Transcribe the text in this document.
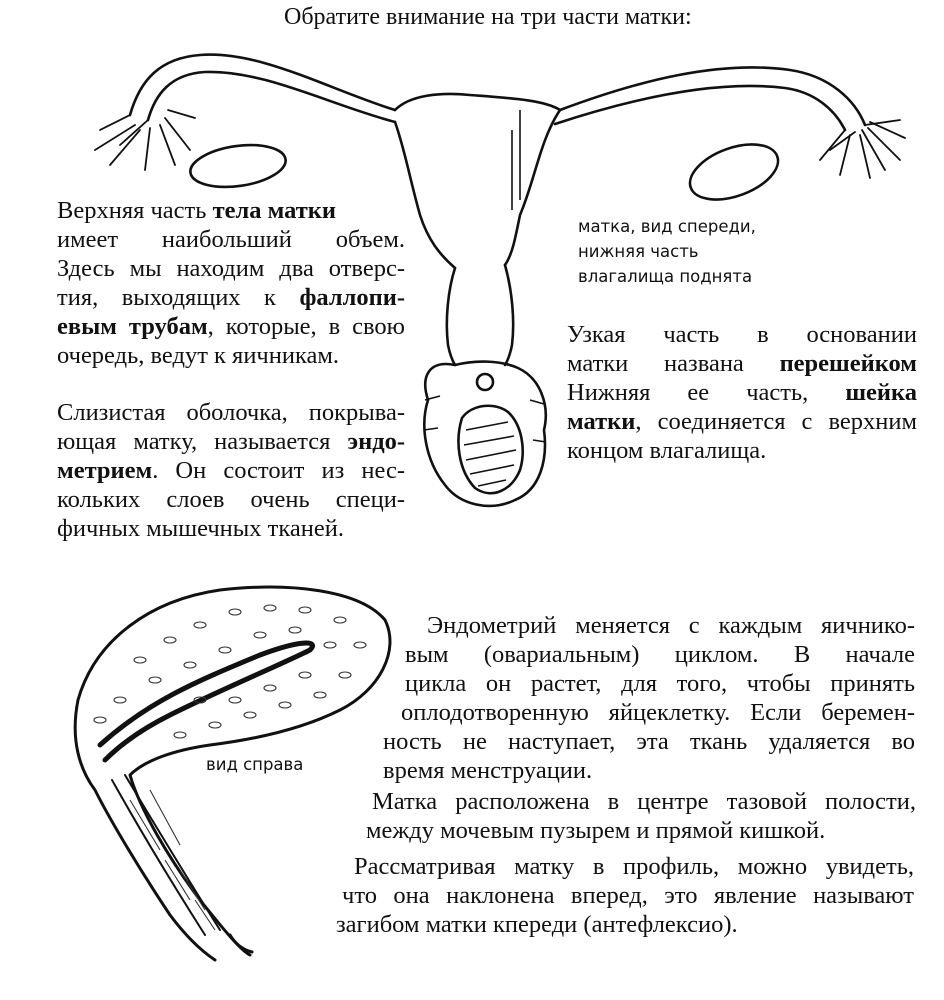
Обратите внимание на три части матки:
матка, вид спереди,
нижняя часть
влагалища поднята
Верхняя часть тела матки
имеет наибольший объем.
Здесь мы находим два отверс-
тия, выходящих к фаллопи-
евым трубам, которые, в свою
очередь, ведут к яичникам.
Слизистая оболочка, покрыва-
ющая матку, называется эндо-
метрием. Он состоит из нес-
кольких слоев очень специ-
фичных мышечных тканей.
Узкая часть в основании
матки названа перешейком
Нижняя ее часть, шейка
матки, соединяется с верхним
концом влагалища.
вид справа
Эндометрий меняется с каждым яичнико-
вым (овариальным) циклом. В начале
цикла он растет, для того, чтобы принять
оплодотворенную яйцеклетку. Если беремен-
ность не наступает, эта ткань удаляется во
время менструации.
Матка расположена в центре тазовой полости,
между мочевым пузырем и прямой кишкой.
Рассматривая матку в профиль, можно увидеть,
что она наклонена вперед, это явление называют
загибом матки кпереди (антефлексио).
